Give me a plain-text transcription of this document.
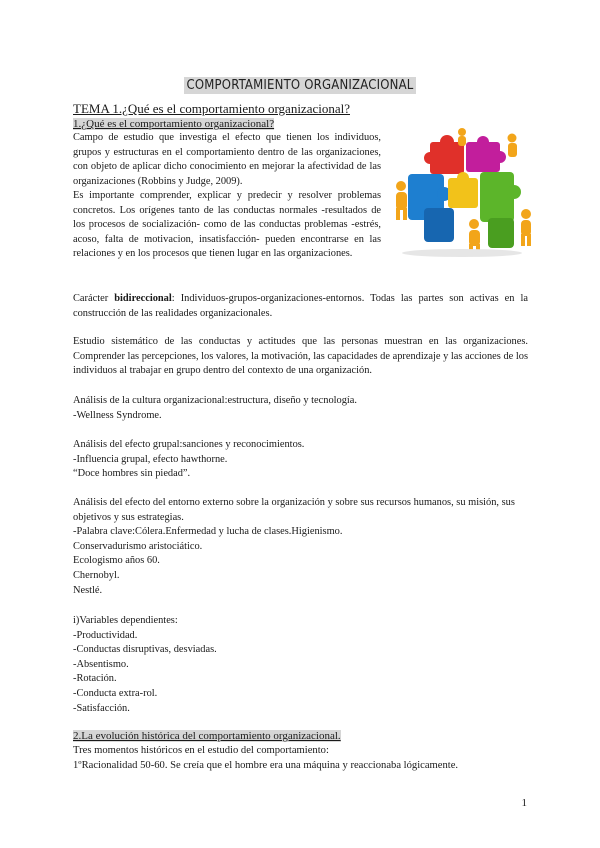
COMPORTAMIENTO ORGANIZACIONAL
TEMA 1.¿Qué es el comportamiento organizacional?
1.¿Qué es el comportamiento organizacional?
Campo de estudio que investiga el efecto que tienen los individuos, grupos y estructuras en el comportamiento dentro de las organizaciones, con objeto de aplicar dicho conocimiento en mejorar la afectividad de las organizaciones (Robbins y Judge, 2009).
Es importante comprender, explicar y predecir y resolver problemas concretos. Los orígenes tanto de las conductas normales -resultados de los procesos de socialización- como de las conductas problemas -estrés, acoso, falta de motivacion, insatisfacción- pueden encontrarse en las relaciones y en los procesos que tienen lugar en las organizaciones.
Carácter bidireccional: Individuos-grupos-organizaciones-entornos. Todas las partes son activas en la construcción de las realidades organizacionales.
Estudio sistemático de las conductas y actitudes que las personas muestran en las organizaciones. Comprender las percepciones, los valores, la motivación, las capacidades de aprendizaje y las acciones de los individuos al trabajar en grupo dentro del contexto de una organización.
Análisis de la cultura organizacional:estructura, diseño y tecnología.
-Wellness Syndrome.
Análisis del efecto grupal:sanciones y reconocimientos.
-Influencia grupal, efecto hawthorne.
“Doce hombres sin piedad”.
Análisis del efecto del entorno externo sobre la organización y sobre sus recursos humanos, su misión, sus objetivos y sus estrategias.
-Palabra clave:Cólera.Enfermedad y lucha de clases.Higienismo.
Conservadurismo aristociático.
Ecologismo años 60.
Chernobyl.
Nestlé.
i)Variables dependientes:
-Productividad.
-Conductas disruptivas, desviadas.
-Absentismo.
-Rotación.
-Conducta extra-rol.
-Satisfacción.
2.La evolución histórica del comportamiento organizacional.
Tres momentos históricos en el estudio del comportamiento:
1ºRacionalidad 50-60. Se creía que el hombre era una máquina y reaccionaba lógicamente.
1
